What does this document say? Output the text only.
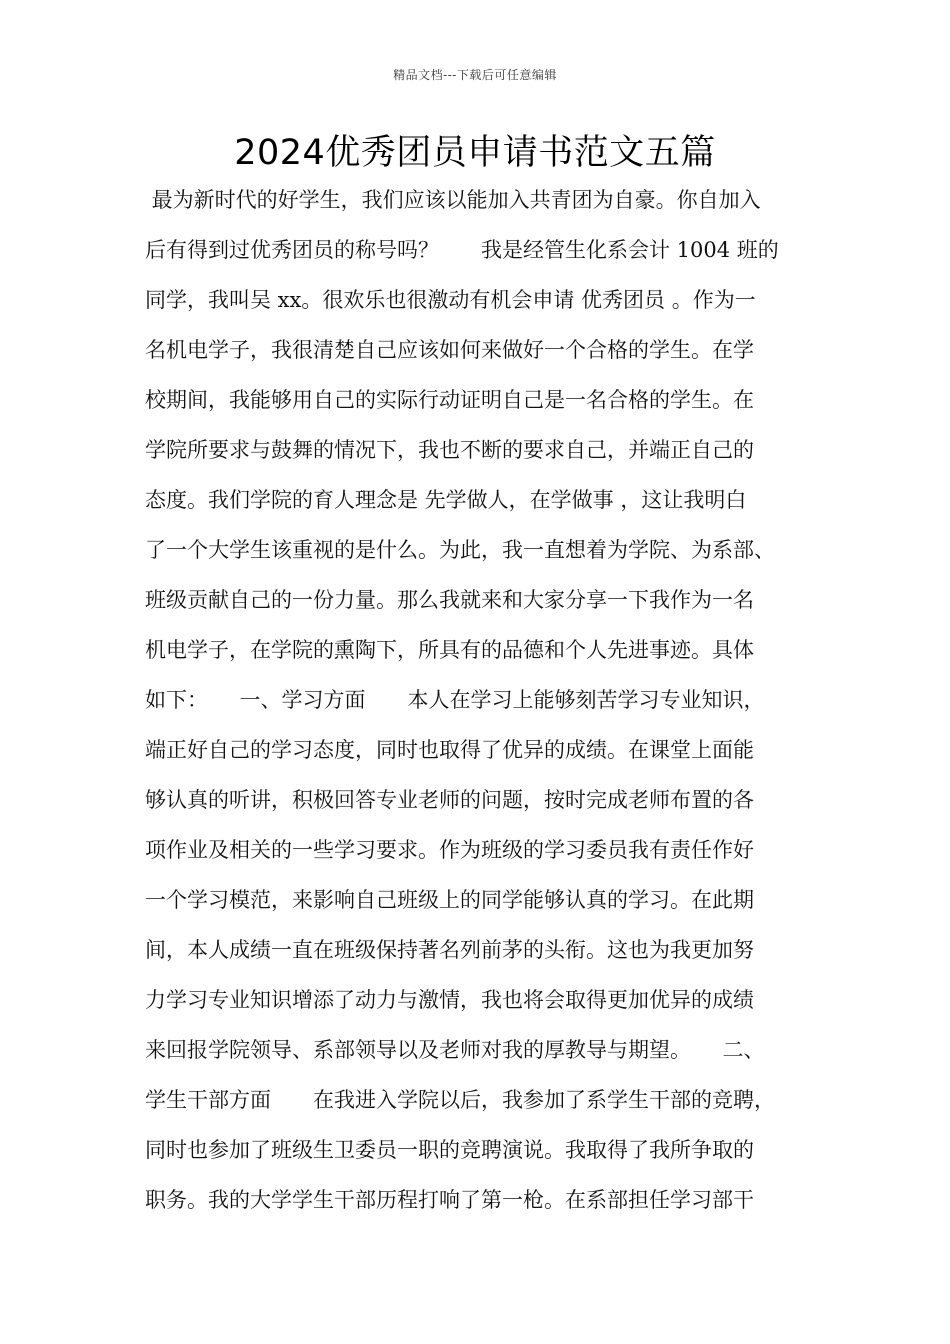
精品文档---下载后可任意编辑
2024优秀团员申请书范文五篇
最为新时代的好学生，我们应该以能加入共青团为自豪。你自加入
后有得到过优秀团员的称号吗？　　我是经管生化系会计 1004 班的
同学，我叫吴 xx。很欢乐也很激动有机会申请 优秀团员 。作为一
名机电学子，我很清楚自己应该如何来做好一个合格的学生。在学
校期间，我能够用自己的实际行动证明自己是一名合格的学生。在
学院所要求与鼓舞的情况下，我也不断的要求自己，并端正自己的
态度。我们学院的育人理念是 先学做人，在学做事 ，这让我明白
了一个大学生该重视的是什么。为此，我一直想着为学院、为系部、
班级贡献自己的一份力量。那么我就来和大家分享一下我作为一名
机电学子，在学院的熏陶下，所具有的品德和个人先进事迹。具体
如下：　　一、学习方面　　本人在学习上能够刻苦学习专业知识，
端正好自己的学习态度，同时也取得了优异的成绩。在课堂上面能
够认真的听讲，积极回答专业老师的问题，按时完成老师布置的各
项作业及相关的一些学习要求。作为班级的学习委员我有责任作好
一个学习模范，来影响自己班级上的同学能够认真的学习。在此期
间，本人成绩一直在班级保持著名列前茅的头衔。这也为我更加努
力学习专业知识增添了动力与激情，我也将会取得更加优异的成绩
来回报学院领导、系部领导以及老师对我的厚教导与期望。　　二、
学生干部方面　　在我进入学院以后，我参加了系学生干部的竞聘，
同时也参加了班级生卫委员一职的竞聘演说。我取得了我所争取的
职务。我的大学学生干部历程打响了第一枪。在系部担任学习部干
